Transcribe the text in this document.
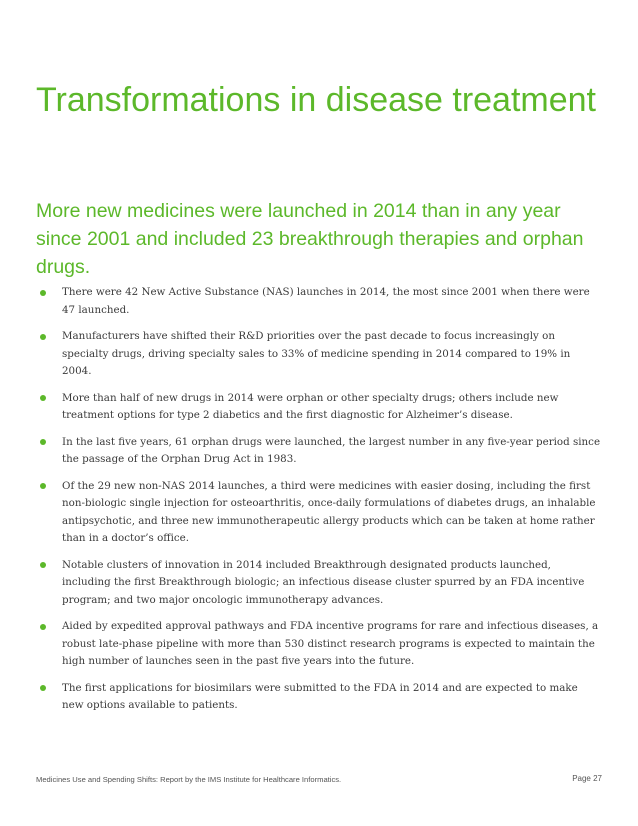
Transformations in disease treatment

More new medicines were launched in 2014 than in any year since 2001 and included 23 breakthrough therapies and orphan drugs.

There were 42 New Active Substance (NAS) launches in 2014, the most since 2001 when there were 47 launched.
Manufacturers have shifted their R&D priorities over the past decade to focus increasingly on specialty drugs, driving specialty sales to 33% of medicine spending in 2014 compared to 19% in 2004.
More than half of new drugs in 2014 were orphan or other specialty drugs; others include new treatment options for type 2 diabetics and the first diagnostic for Alzheimer’s disease.
In the last five years, 61 orphan drugs were launched, the largest number in any five-year period since the passage of the Orphan Drug Act in 1983.
Of the 29 new non-NAS 2014 launches, a third were medicines with easier dosing, including the first non-biologic single injection for osteoarthritis, once-daily formulations of diabetes drugs, an inhalable antipsychotic, and three new immunotherapeutic allergy products which can be taken at home rather than in a doctor’s office.
Notable clusters of innovation in 2014 included Breakthrough designated products launched, including the first Breakthrough biologic; an infectious disease cluster spurred by an FDA incentive program; and two major oncologic immunotherapy advances.
Aided by expedited approval pathways and FDA incentive programs for rare and infectious diseases, a robust late-phase pipeline with more than 530 distinct research programs is expected to maintain the high number of launches seen in the past five years into the future.
The first applications for biosimilars were submitted to the FDA in 2014 and are expected to make new options available to patients.
Medicines Use and Spending Shifts: Report by the IMS Institute for Healthcare Informatics.	Page 27
